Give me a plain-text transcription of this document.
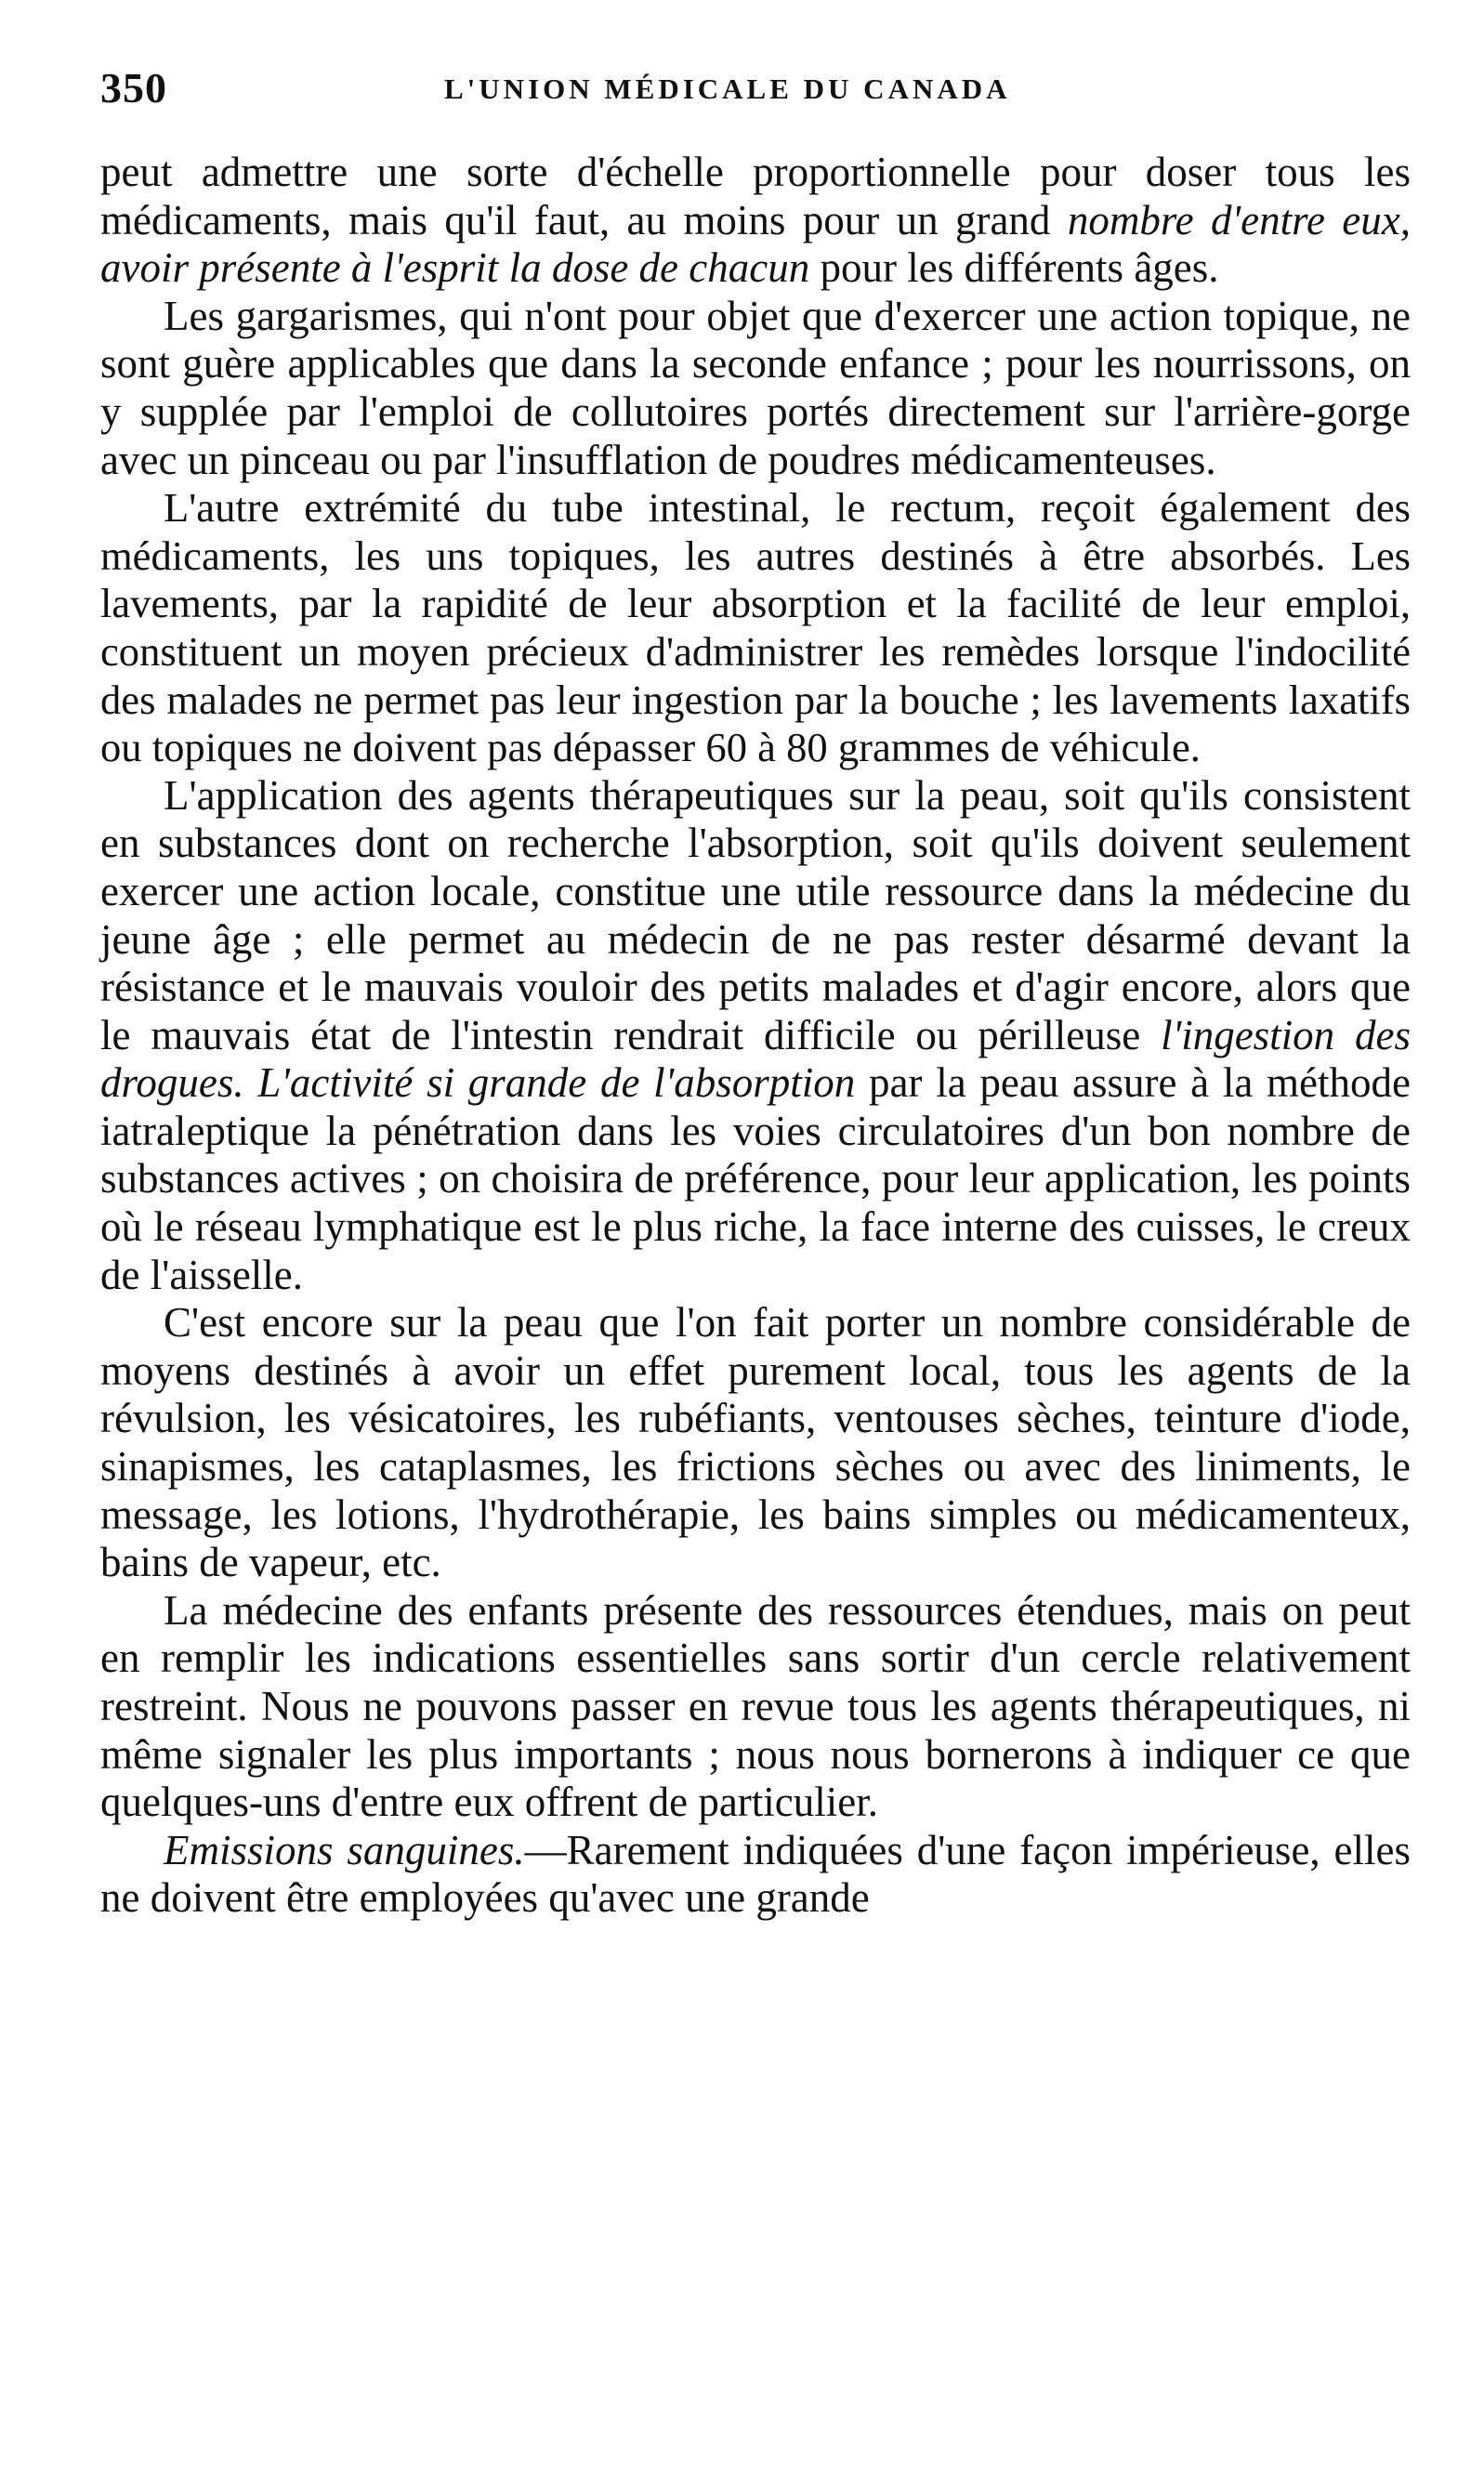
350	L'UNION MÉDICALE DU CANADA

peut admettre une sorte d'échelle proportionnelle pour doser tous les médicaments, mais qu'il faut, au moins pour un grand nombre d'entre eux, avoir présente à l'esprit la dose de chacun pour les différents âges.

Les gargarismes, qui n'ont pour objet que d'exercer une action topique, ne sont guère applicables que dans la seconde enfance ; pour les nourrissons, on y supplée par l'emploi de collutoires portés directement sur l'arrière-gorge avec un pinceau ou par l'insufflation de poudres médicamenteuses.

L'autre extrémité du tube intestinal, le rectum, reçoit également des médicaments, les uns topiques, les autres destinés à être absorbés. Les lavements, par la rapidité de leur absorption et la facilité de leur emploi, constituent un moyen précieux d'administrer les remèdes lorsque l'indocilité des malades ne permet pas leur ingestion par la bouche ; les lavements laxatifs ou topiques ne doivent pas dépasser 60 à 80 grammes de véhicule.

L'application des agents thérapeutiques sur la peau, soit qu'ils consistent en substances dont on recherche l'absorption, soit qu'ils doivent seulement exercer une action locale, constitue une utile ressource dans la médecine du jeune âge ; elle permet au médecin de ne pas rester désarmé devant la résistance et le mauvais vouloir des petits malades et d'agir encore, alors que le mauvais état de l'intestin rendrait difficile ou périlleuse l'ingestion des drogues. L'activité si grande de l'absorption par la peau assure à la méthode iatraleptique la pénétration dans les voies circulatoires d'un bon nombre de substances actives ; on choisira de préférence, pour leur application, les points où le réseau lymphatique est le plus riche, la face interne des cuisses, le creux de l'aisselle.

C'est encore sur la peau que l'on fait porter un nombre considérable de moyens destinés à avoir un effet purement local, tous les agents de la révulsion, les vésicatoires, les rubéfiants, ventouses sèches, teinture d'iode, sinapismes, les cataplasmes, les frictions sèches ou avec des liniments, le message, les lotions, l'hydrothérapie, les bains simples ou médicamenteux, bains de vapeur, etc.

La médecine des enfants présente des ressources étendues, mais on peut en remplir les indications essentielles sans sortir d'un cercle relativement restreint. Nous ne pouvons passer en revue tous les agents thérapeutiques, ni même signaler les plus importants ; nous nous bornerons à indiquer ce que quelques-uns d'entre eux offrent de particulier.

Emissions sanguines.—Rarement indiquées d'une façon impérieuse, elles ne doivent être employées qu'avec une grande
